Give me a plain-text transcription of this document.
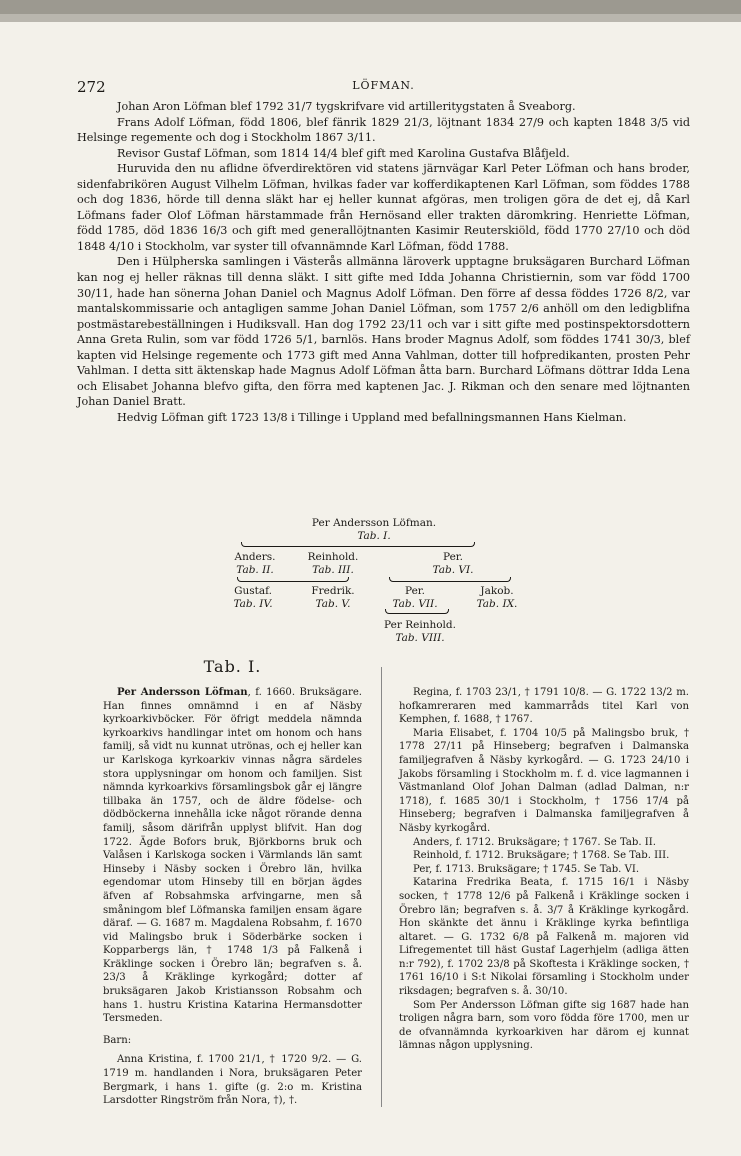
272	LÖFMAN.

Johan Aron Löfman blef 1792 31/7 tygskrifvare vid artilleritygstaten å Sveaborg.

Frans Adolf Löfman, född 1806, blef fänrik 1829 21/3, löjtnant 1834 27/9 och kapten 1848 3/5 vid Helsinge regemente och dog i Stockholm 1867 3/11.

Revisor Gustaf Löfman, som 1814 14/4 blef gift med Karolina Gustafva Blåfjeld.

Huruvida den nu aflidne öfverdirektören vid statens järnvägar Karl Peter Löfman och hans broder, sidenfabrikören August Vilhelm Löfman, hvilkas fader var kofferdikaptenen Karl Löfman, som föddes 1788 och dog 1836, hörde till denna släkt har ej heller kunnat afgöras, men troligen göra de det ej, då Karl Löfmans fader Olof Löfman härstammade från Hernösand eller trakten däromkring. Henriette Löfman, född 1785, död 1836 16/3 och gift med generallöjtnanten Kasimir Reuterskiöld, född 1770 27/10 och död 1848 4/10 i Stockholm, var syster till ofvannämnde Karl Löfman, född 1788.

Den i Hülpherska samlingen i Västerås allmänna läroverk upptagne bruksägaren Burchard Löfman kan nog ej heller räknas till denna släkt. I sitt gifte med Idda Johanna Christiernin, som var född 1700 30/11, hade han sönerna Johan Daniel och Magnus Adolf Löfman. Den förre af dessa föddes 1726 8/2, var mantalskommissarie och antagligen samme Johan Daniel Löfman, som 1757 2/6 anhöll om den ledigblifna postmästarebeställningen i Hudiksvall. Han dog 1792 23/11 och var i sitt gifte med postinspektorsdottern Anna Greta Rulin, som var född 1726 5/1, barnlös. Hans broder Magnus Adolf, som föddes 1741 30/3, blef kapten vid Helsinge regemente och 1773 gift med Anna Vahlman, dotter till hofpredikanten, prosten Pehr Vahlman. I detta sitt äktenskap hade Magnus Adolf Löfman åtta barn. Burchard Löfmans döttrar Idda Lena och Elisabet Johanna blefvo gifta, den förra med kaptenen Jac. J. Rikman och den senare med löjtnanten Johan Daniel Bratt.

Hedvig Löfman gift 1723 13/8 i Tillinge i Uppland med befallningsmannen Hans Kielman.

Per Andersson Löfman.
Tab. I.
Anders.
Tab. II.
Reinhold.
Tab. III.
Per.
Tab. VI.
Gustaf.
Tab. IV.
Fredrik.
Tab. V.
Per.
Tab. VII.
Jakob.
Tab. IX.
Per Reinhold.
Tab. VIII.
Tab. I.

Per Andersson Löfman, f. 1660. Bruksägare. Han finnes omnämnd i en af Näsby kyrkoarkivböcker. För öfrigt meddela nämnda kyrkoarkivs handlingar intet om honom och hans familj, så vidt nu kunnat utrönas, och ej heller kan ur Karlskoga kyrkoarkiv vinnas några särdeles stora upplysningar om honom och familjen. Sist nämnda kyrkoarkivs församlingsbok går ej längre tillbaka än 1757, och de äldre födelse- och dödböckerna innehålla icke något rörande denna familj, såsom därifrån upplyst blifvit. Han dog 1722. Ägde Bofors bruk, Björkborns bruk och Valåsen i Karlskoga socken i Värmlands län samt Hinseby i Näsby socken i Örebro län, hvilka egendomar utom Hinseby till en början ägdes äfven af Robsahmska arfvingarne, men så småningom blef Löfmanska familjen ensam ägare däraf. — G. 1687 m. Magdalena Robsahm, f. 1670 vid Malingsbo bruk i Söderbärke socken i Kopparbergs län, † 1748 1/3 på Falkenå i Kräklinge socken i Örebro län; begrafven s. å. 23/3 å Kräklinge kyrkogård; dotter af bruksägaren Jakob Kristiansson Robsahm och hans 1. hustru Kristina Katarina Hermansdotter Tersmeden.

Barn:

Anna Kristina, f. 1700 21/1, † 1720 9/2. — G. 1719 m. handlanden i Nora, bruksägaren Peter Bergmark, i hans 1. gifte (g. 2:o m. Kristina Larsdotter Ringström från Nora, †), †.

Regina, f. 1703 23/1, † 1791 10/8. — G. 1722 13/2 m. hofkamreraren med kammarråds titel Karl von Kemphen, f. 1688, † 1767.

Maria Elisabet, f. 1704 10/5 på Malingsbo bruk, † 1778 27/11 på Hinseberg; begrafven i Dalmanska familjegrafven å Näsby kyrkogård. — G. 1723 24/10 i Jakobs församling i Stockholm m. f. d. vice lagmannen i Västmanland Olof Johan Dalman (adlad Dalman, n:r 1718), f. 1685 30/1 i Stockholm, † 1756 17/4 på Hinseberg; begrafven i Dalmanska familjegrafven å Näsby kyrkogård.

Anders, f. 1712. Bruksägare; † 1767. Se Tab. II.

Reinhold, f. 1712. Bruksägare; † 1768. Se Tab. III.

Per, f. 1713. Bruksägare; † 1745. Se Tab. VI.

Katarina Fredrika Beata, f. 1715 16/1 i Näsby socken, † 1778 12/6 på Falkenå i Kräklinge socken i Örebro län; begrafven s. å. 3/7 å Kräklinge kyrkogård. Hon skänkte det ännu i Kräklinge kyrka befintliga altaret. — G. 1732 6/8 på Falkenå m. majoren vid Lifregementet till häst Gustaf Lagerhjelm (adliga ätten n:r 792), f. 1702 23/8 på Skoftesta i Kräklinge socken, † 1761 16/10 i S:t Nikolai församling i Stockholm under riksdagen; begrafven s. å. 30/10.

Som Per Andersson Löfman gifte sig 1687 hade han troligen några barn, som voro födda före 1700, men ur de ofvannämnda kyrkoarkiven har därom ej kunnat lämnas någon upplysning.
